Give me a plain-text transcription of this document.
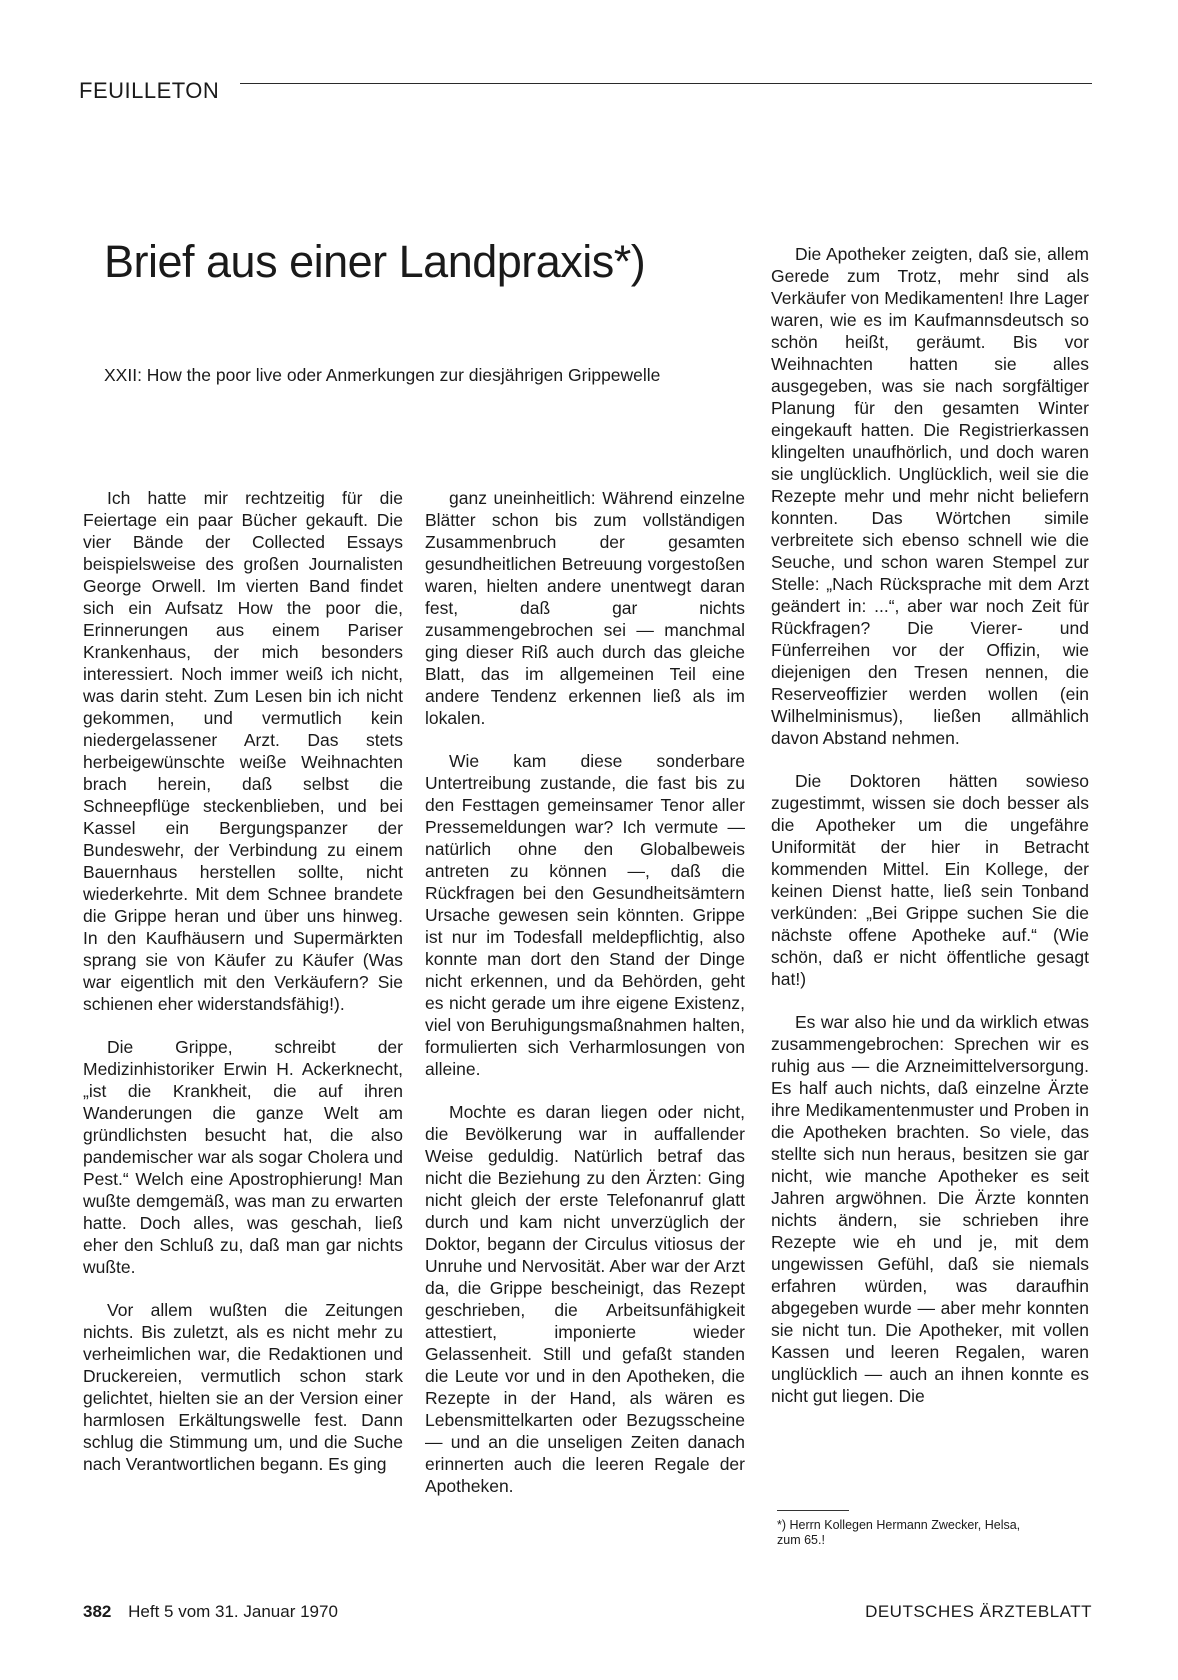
FEUILLETON
Brief aus einer Landpraxis*)
XXII: How the poor live oder Anmerkungen zur diesjährigen Grippewelle

Ich hatte mir rechtzeitig für die Feiertage ein paar Bücher gekauft. Die vier Bände der Collected Essays beispielsweise des großen Journalisten George Orwell. Im vierten Band findet sich ein Aufsatz How the poor die, Erinnerungen aus einem Pariser Krankenhaus, der mich besonders interessiert. Noch immer weiß ich nicht, was darin steht. Zum Lesen bin ich nicht gekommen, und vermutlich kein niedergelassener Arzt. Das stets herbeigewünschte weiße Weihnachten brach herein, daß selbst die Schneepflüge steckenblieben, und bei Kassel ein Bergungspanzer der Bundeswehr, der Verbindung zu einem Bauernhaus herstellen sollte, nicht wiederkehrte. Mit dem Schnee brandete die Grippe heran und über uns hinweg. In den Kaufhäusern und Supermärkten sprang sie von Käufer zu Käufer (Was war eigentlich mit den Verkäufern? Sie schienen eher widerstandsfähig!).

Die Grippe, schreibt der Medizinhistoriker Erwin H. Ackerknecht, „ist die Krankheit, die auf ihren Wanderungen die ganze Welt am gründlichsten besucht hat, die also pandemischer war als sogar Cholera und Pest.“ Welch eine Apostrophierung! Man wußte demgemäß, was man zu erwarten hatte. Doch alles, was geschah, ließ eher den Schluß zu, daß man gar nichts wußte.

Vor allem wußten die Zeitungen nichts. Bis zuletzt, als es nicht mehr zu verheimlichen war, die Redaktionen und Druckereien, vermutlich schon stark gelichtet, hielten sie an der Version einer harmlosen Erkältungswelle fest. Dann schlug die Stimmung um, und die Suche nach Verantwortlichen begann. Es ging

ganz uneinheitlich: Während einzelne Blätter schon bis zum vollständigen Zusammenbruch der gesamten gesundheitlichen Betreuung vorgestoßen waren, hielten andere unentwegt daran fest, daß gar nichts zusammengebrochen sei — manchmal ging dieser Riß auch durch das gleiche Blatt, das im allgemeinen Teil eine andere Tendenz erkennen ließ als im lokalen.

Wie kam diese sonderbare Untertreibung zustande, die fast bis zu den Festtagen gemeinsamer Tenor aller Pressemeldungen war? Ich vermute — natürlich ohne den Globalbeweis antreten zu können —, daß die Rückfragen bei den Gesundheitsämtern Ursache gewesen sein könnten. Grippe ist nur im Todesfall meldepflichtig, also konnte man dort den Stand der Dinge nicht erkennen, und da Behörden, geht es nicht gerade um ihre eigene Existenz, viel von Beruhigungsmaßnahmen halten, formulierten sich Verharmlosungen von alleine.

Mochte es daran liegen oder nicht, die Bevölkerung war in auffallender Weise geduldig. Natürlich betraf das nicht die Beziehung zu den Ärzten: Ging nicht gleich der erste Telefonanruf glatt durch und kam nicht unverzüglich der Doktor, begann der Circulus vitiosus der Unruhe und Nervosität. Aber war der Arzt da, die Grippe bescheinigt, das Rezept geschrieben, die Arbeitsunfähigkeit attestiert, imponierte wieder Gelassenheit. Still und gefaßt standen die Leute vor und in den Apotheken, die Rezepte in der Hand, als wären es Lebensmittelkarten oder Bezugsscheine — und an die unseligen Zeiten danach erinnerten auch die leeren Regale der Apotheken.

Die Apotheker zeigten, daß sie, allem Gerede zum Trotz, mehr sind als Verkäufer von Medikamenten! Ihre Lager waren, wie es im Kaufmannsdeutsch so schön heißt, geräumt. Bis vor Weihnachten hatten sie alles ausgegeben, was sie nach sorgfältiger Planung für den gesamten Winter eingekauft hatten. Die Registrierkassen klingelten unaufhörlich, und doch waren sie unglücklich. Unglücklich, weil sie die Rezepte mehr und mehr nicht beliefern konnten. Das Wörtchen simile verbreitete sich ebenso schnell wie die Seuche, und schon waren Stempel zur Stelle: „Nach Rücksprache mit dem Arzt geändert in: ...“, aber war noch Zeit für Rückfragen? Die Vierer- und Fünferreihen vor der Offizin, wie diejenigen den Tresen nennen, die Reserveoffizier werden wollen (ein Wilhelminismus), ließen allmählich davon Abstand nehmen.

Die Doktoren hätten sowieso zugestimmt, wissen sie doch besser als die Apotheker um die ungefähre Uniformität der hier in Betracht kommenden Mittel. Ein Kollege, der keinen Dienst hatte, ließ sein Tonband verkünden: „Bei Grippe suchen Sie die nächste offene Apotheke auf.“ (Wie schön, daß er nicht öffentliche gesagt hat!)

Es war also hie und da wirklich etwas zusammengebrochen: Sprechen wir es ruhig aus — die Arzneimittelversorgung. Es half auch nichts, daß einzelne Ärzte ihre Medikamentenmuster und Proben in die Apotheken brachten. So viele, das stellte sich nun heraus, besitzen sie gar nicht, wie manche Apotheker es seit Jahren argwöhnen. Die Ärzte konnten nichts ändern, sie schrieben ihre Rezepte wie eh und je, mit dem ungewissen Gefühl, daß sie niemals erfahren würden, was daraufhin abgegeben wurde — aber mehr konnten sie nicht tun. Die Apotheker, mit vollen Kassen und leeren Regalen, waren unglücklich — auch an ihnen konnte es nicht gut liegen. Die

*) Herrn Kollegen Hermann Zwecker, Helsa,
zum 65.!
382 Heft 5 vom 31. Januar 1970	DEUTSCHES ÄRZTEBLATT
